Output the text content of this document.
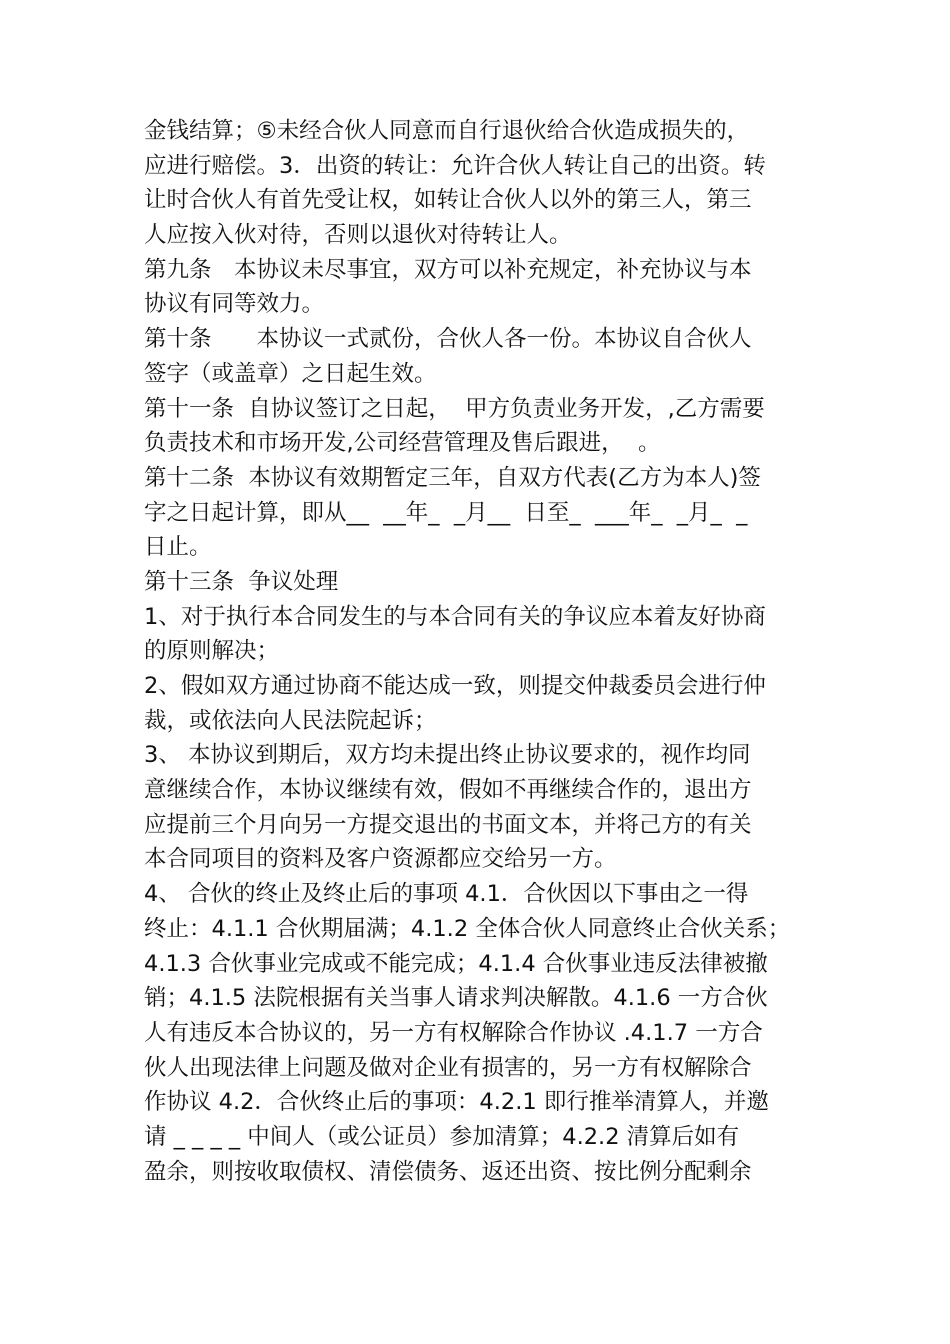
金钱结算；⑤未经合伙人同意而自行退伙给合伙造成损失的，
应进行赔偿。3．出资的转让：允许合伙人转让自己的出资。转
让时合伙人有首先受让权，如转让合伙人以外的第三人，第三
人应按入伙对待，否则以退伙对待转让人。
第九条　本协议未尽事宜，双方可以补充规定，补充协议与本
协议有同等效力。
第十条　　本协议一式贰份，合伙人各一份。本协议自合伙人
签字（或盖章）之日起生效。
第十一条  自协议签订之日起，  甲方负责业务开发，,乙方需要
负责技术和市场开发,公司经营管理及售后跟进，  。
第十二条  本协议有效期暂定三年，自双方代表(乙方为本人)签
字之日起计算，即从__  __年_  _月__  日至_  ___年_  _月_  _
日止。
第十三条  争议处理
1、对于执行本合同发生的与本合同有关的争议应本着友好协商
的原则解决；
2、假如双方通过协商不能达成一致，则提交仲裁委员会进行仲
裁，或依法向人民法院起诉；
3、 本协议到期后，双方均未提出终止协议要求的，视作均同
意继续合作，本协议继续有效，假如不再继续合作的，退出方
应提前三个月向另一方提交退出的书面文本，并将己方的有关
本合同项目的资料及客户资源都应交给另一方。
4、 合伙的终止及终止后的事项 4.1．合伙因以下事由之一得
终止：4.1.1 合伙期届满；4.1.2 全体合伙人同意终止合伙关系；
4.1.3 合伙事业完成或不能完成；4.1.4 合伙事业违反法律被撤
销；4.1.5 法院根据有关当事人请求判决解散。4.1.6 一方合伙
人有违反本合协议的，另一方有权解除合作协议 .4.1.7 一方合
伙人出现法律上问题及做对企业有损害的，另一方有权解除合
作协议 4.2．合伙终止后的事项：4.2.1 即行推举清算人，并邀
请 _ _ _ _ 中间人（或公证员）参加清算；4.2.2 清算后如有
盈余，则按收取债权、清偿债务、返还出资、按比例分配剩余
